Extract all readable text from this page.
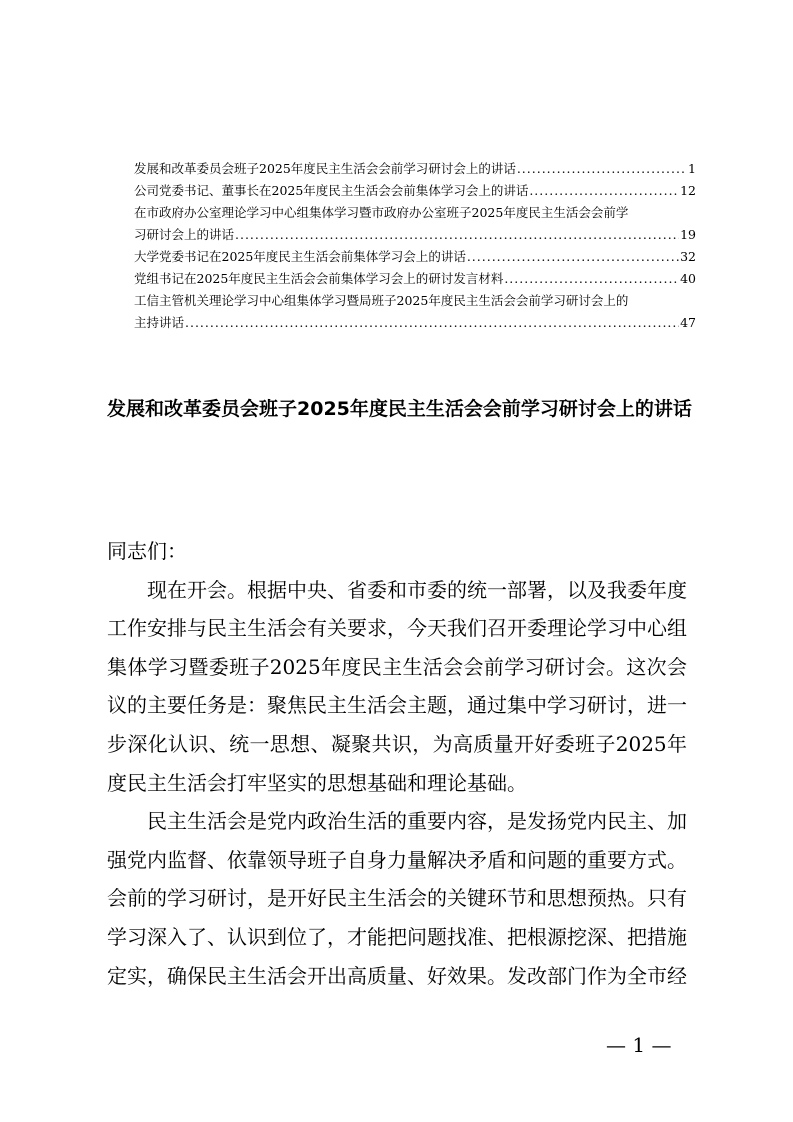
发展和改革委员会班子2025年度民主生活会会前学习研讨会上的讲话 .....	1
公司党委书记、董事长在2025年度民主生活会会前集体学习会上的讲话 .....	12
在市政府办公室理论学习中心组集体学习暨市政府办公室班子2025年度民主生活会会前学
习研讨会上的讲话 .....	19
大学党委书记在2025年度民主生活会前集体学习会上的讲话 .....	32
党组书记在2025年度民主生活会会前集体学习会上的研讨发言材料 .....	40
工信主管机关理论学习中心组集体学习暨局班子2025年度民主生活会会前学习研讨会上的
主持讲话 .....	47
发展和改革委员会班子2025年度民主生活会会前学习研讨会上的讲话

同志们：

现在开会。根据中央、省委和市委的统一部署，以及我委年度工作安排与民主生活会有关要求，今天我们召开委理论学习中心组集体学习暨委班子2025年度民主生活会会前学习研讨会。这次会议的主要任务是：聚焦民主生活会主题，通过集中学习研讨，进一步深化认识、统一思想、凝聚共识，为高质量开好委班子2025年度民主生活会打牢坚实的思想基础和理论基础。

民主生活会是党内政治生活的重要内容，是发扬党内民主、加强党内监督、依靠领导班子自身力量解决矛盾和问题的重要方式。会前的学习研讨，是开好民主生活会的关键环节和思想预热。只有学习深入了、认识到位了，才能把问题找准、把根源挖深、把措施定实，确保民主生活会开出高质量、好效果。发改部门作为全市经

— 1 —
